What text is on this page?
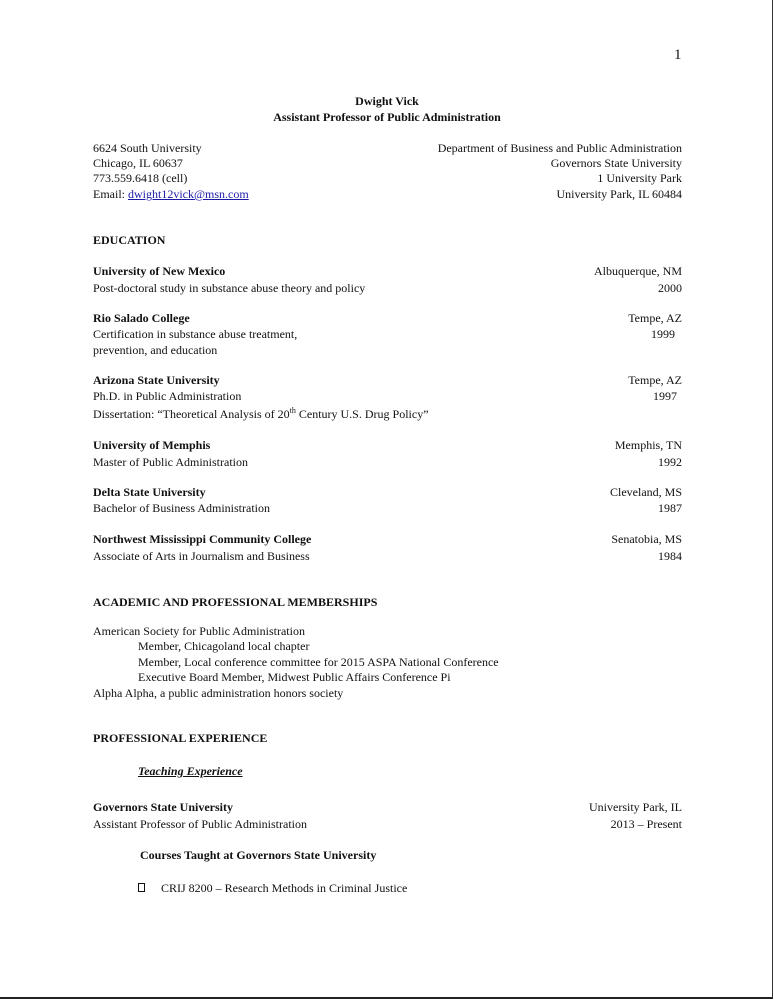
1
Dwight Vick
Assistant Professor of Public Administration
6624 South University
Chicago, IL 60637
773.559.6418 (cell)
Email: dwight12vick@msn.com
Department of Business and Public Administration
Governors State University
1 University Park
University Park, IL 60484
EDUCATION
University of New Mexico	Albuquerque, NM
Post-doctoral study in substance abuse theory and policy	2000
Rio Salado College	Tempe, AZ
Certification in substance abuse treatment,	1999
prevention, and education
Arizona State University	Tempe, AZ
Ph.D. in Public Administration	1997
Dissertation: “Theoretical Analysis of 20th Century U.S. Drug Policy”
University of Memphis	Memphis, TN
Master of Public Administration	1992
Delta State University	Cleveland, MS
Bachelor of Business Administration	1987
Northwest Mississippi Community College	Senatobia, MS
Associate of Arts in Journalism and Business	1984
ACADEMIC AND PROFESSIONAL MEMBERSHIPS
American Society for Public Administration
Member, Chicagoland local chapter
Member, Local conference committee for 2015 ASPA National Conference
Executive Board Member, Midwest Public Affairs Conference Pi
Alpha Alpha, a public administration honors society
PROFESSIONAL EXPERIENCE
Teaching Experience
Governors State University	University Park, IL
Assistant Professor of Public Administration	2013 – Present
Courses Taught at Governors State University
CRIJ 8200 – Research Methods in Criminal Justice
